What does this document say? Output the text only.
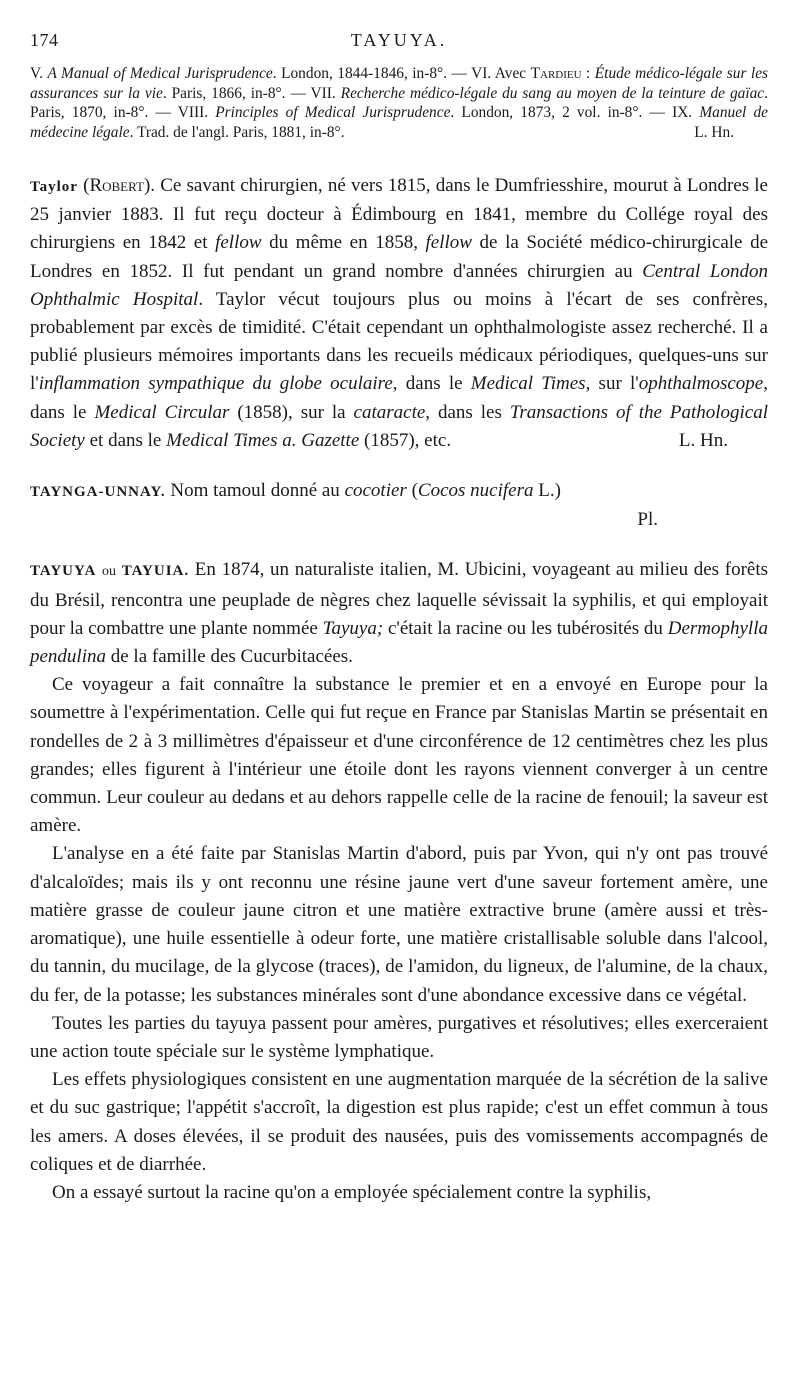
174	TAYUYA.
V. A Manual of Medical Jurisprudence. London, 1844-1846, in-8°. — VI. Avec Tardieu : Étude médico-légale sur les assurances sur la vie. Paris, 1866, in-8°. — VII. Recherche médico-légale du sang au moyen de la teinture de gaïac. Paris, 1870, in-8°. — VIII. Principles of Medical Jurisprudence. London, 1873, 2 vol. in-8°. — IX. Manuel de médecine légale. Trad. de l'angl. Paris, 1881, in-8°.	L. Hn.

Taylor (Robert). Ce savant chirurgien, né vers 1815, dans le Dumfriesshire, mourut à Londres le 25 janvier 1883. Il fut reçu docteur à Édimbourg en 1841, membre du Collége royal des chirurgiens en 1842 et fellow du même en 1858, fellow de la Société médico-chirurgicale de Londres en 1852. Il fut pendant un grand nombre d'années chirurgien au Central London Ophthalmic Hospital. Taylor vécut toujours plus ou moins à l'écart de ses confrères, probablement par excès de timidité. C'était cependant un ophthalmologiste assez recherché. Il a publié plusieurs mémoires importants dans les recueils médicaux périodiques, quelques-uns sur l'inflammation sympathique du globe oculaire, dans le Medical Times, sur l'ophthalmoscope, dans le Medical Circular (1858), sur la cataracte, dans les Transactions of the Pathological Society et dans le Medical Times a. Gazette (1857), etc.	L. Hn.

TAYNGA-UNNAY. Nom tamoul donné au cocotier (Cocos nucifera L.)

Pl.

TAYUYA ou TAYUIA. En 1874, un naturaliste italien, M. Ubicini, voyageant au milieu des forêts du Brésil, rencontra une peuplade de nègres chez laquelle sévissait la syphilis, et qui employait pour la combattre une plante nommée Tayuya; c'était la racine ou les tubérosités du Dermophylla pendulina de la famille des Cucurbitacées.

Ce voyageur a fait connaître la substance le premier et en a envoyé en Europe pour la soumettre à l'expérimentation. Celle qui fut reçue en France par Stanislas Martin se présentait en rondelles de 2 à 3 millimètres d'épaisseur et d'une circonférence de 12 centimètres chez les plus grandes; elles figurent à l'intérieur une étoile dont les rayons viennent converger à un centre commun. Leur couleur au dedans et au dehors rappelle celle de la racine de fenouil; la saveur est amère.

L'analyse en a été faite par Stanislas Martin d'abord, puis par Yvon, qui n'y ont pas trouvé d'alcaloïdes; mais ils y ont reconnu une résine jaune vert d'une saveur fortement amère, une matière grasse de couleur jaune citron et une matière extractive brune (amère aussi et très-aromatique), une huile essentielle à odeur forte, une matière cristallisable soluble dans l'alcool, du tannin, du mucilage, de la glycose (traces), de l'amidon, du ligneux, de l'alumine, de la chaux, du fer, de la potasse; les substances minérales sont d'une abondance excessive dans ce végétal.

Toutes les parties du tayuya passent pour amères, purgatives et résolutives; elles exerceraient une action toute spéciale sur le système lymphatique.

Les effets physiologiques consistent en une augmentation marquée de la sécrétion de la salive et du suc gastrique; l'appétit s'accroît, la digestion est plus rapide; c'est un effet commun à tous les amers. A doses élevées, il se produit des nausées, puis des vomissements accompagnés de coliques et de diarrhée.

On a essayé surtout la racine qu'on a employée spécialement contre la syphilis,
